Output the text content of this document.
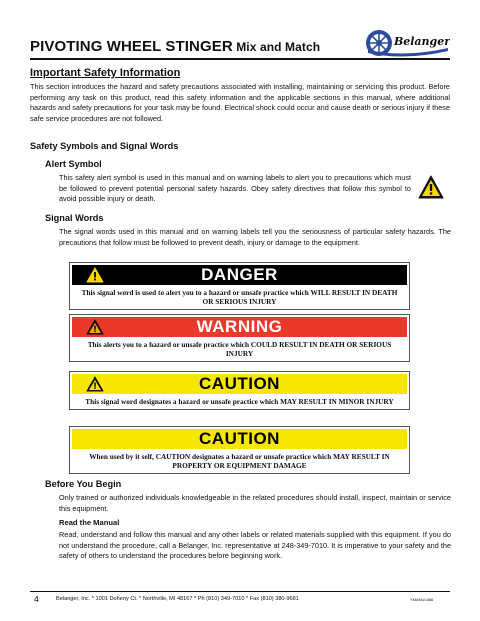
PIVOTING WHEEL STINGER Mix and Match	Belanger
Important Safety Information
This section introduces the hazard and safety precautions associated with installing, maintaining or servicing this product. Before performing any task on this product, read this safety information and the applicable sections in this manual, where additional hazards and safety precautions for your task may be found. Electrical shock could occur and cause death or serious injury if these safe service procedures are not followed.
Safety Symbols and Signal Words
Alert Symbol
This safety alert symbol is used in this manual and on warning labels to alert you to precautions which must be followed to prevent potential personal safety hazards. Obey safety directives that follow this symbol to avoid possible injury or death.
Signal Words
The signal words used in this manual and on warning labels tell you the seriousness of particular safety hazards. The precautions that follow must be followed to prevent death, injury or damage to the equipment.
DANGER
This signal word is used to alert you to a hazard or unsafe practice which WILL RESULT IN DEATH OR SERIOUS INJURY
WARNING
This alerts you to a hazard or unsafe practice which COULD RESULT IN DEATH OR SERIOUS INJURY
CAUTION
This signal word designates a hazard or unsafe practice which MAY RESULT IN MINOR INJURY
CAUTION
When used by it self, CAUTION designates a hazard or unsafe practice which MAY RESULT IN PROPERTY OR EQUIPMENT DAMAGE
Before You Begin
Only trained or authorized individuals knowledgeable in the related procedures should install, inspect, maintain or service this equipment.
Read the Manual
Read, understand and follow this manual and any other labels or related materials supplied with this equipment. If you do not understand the procedure, call a Belanger, Inc. representative at 248-349-7010. It is imperative to your safety and the safety of others to understand the procedures before beginning work.
4	Belanger, Inc. * 1001 Doheny Ct. * Northville, MI 48167 * Ph (810) 349-7010 * Fax (810) 380-9681	YMANUL586
